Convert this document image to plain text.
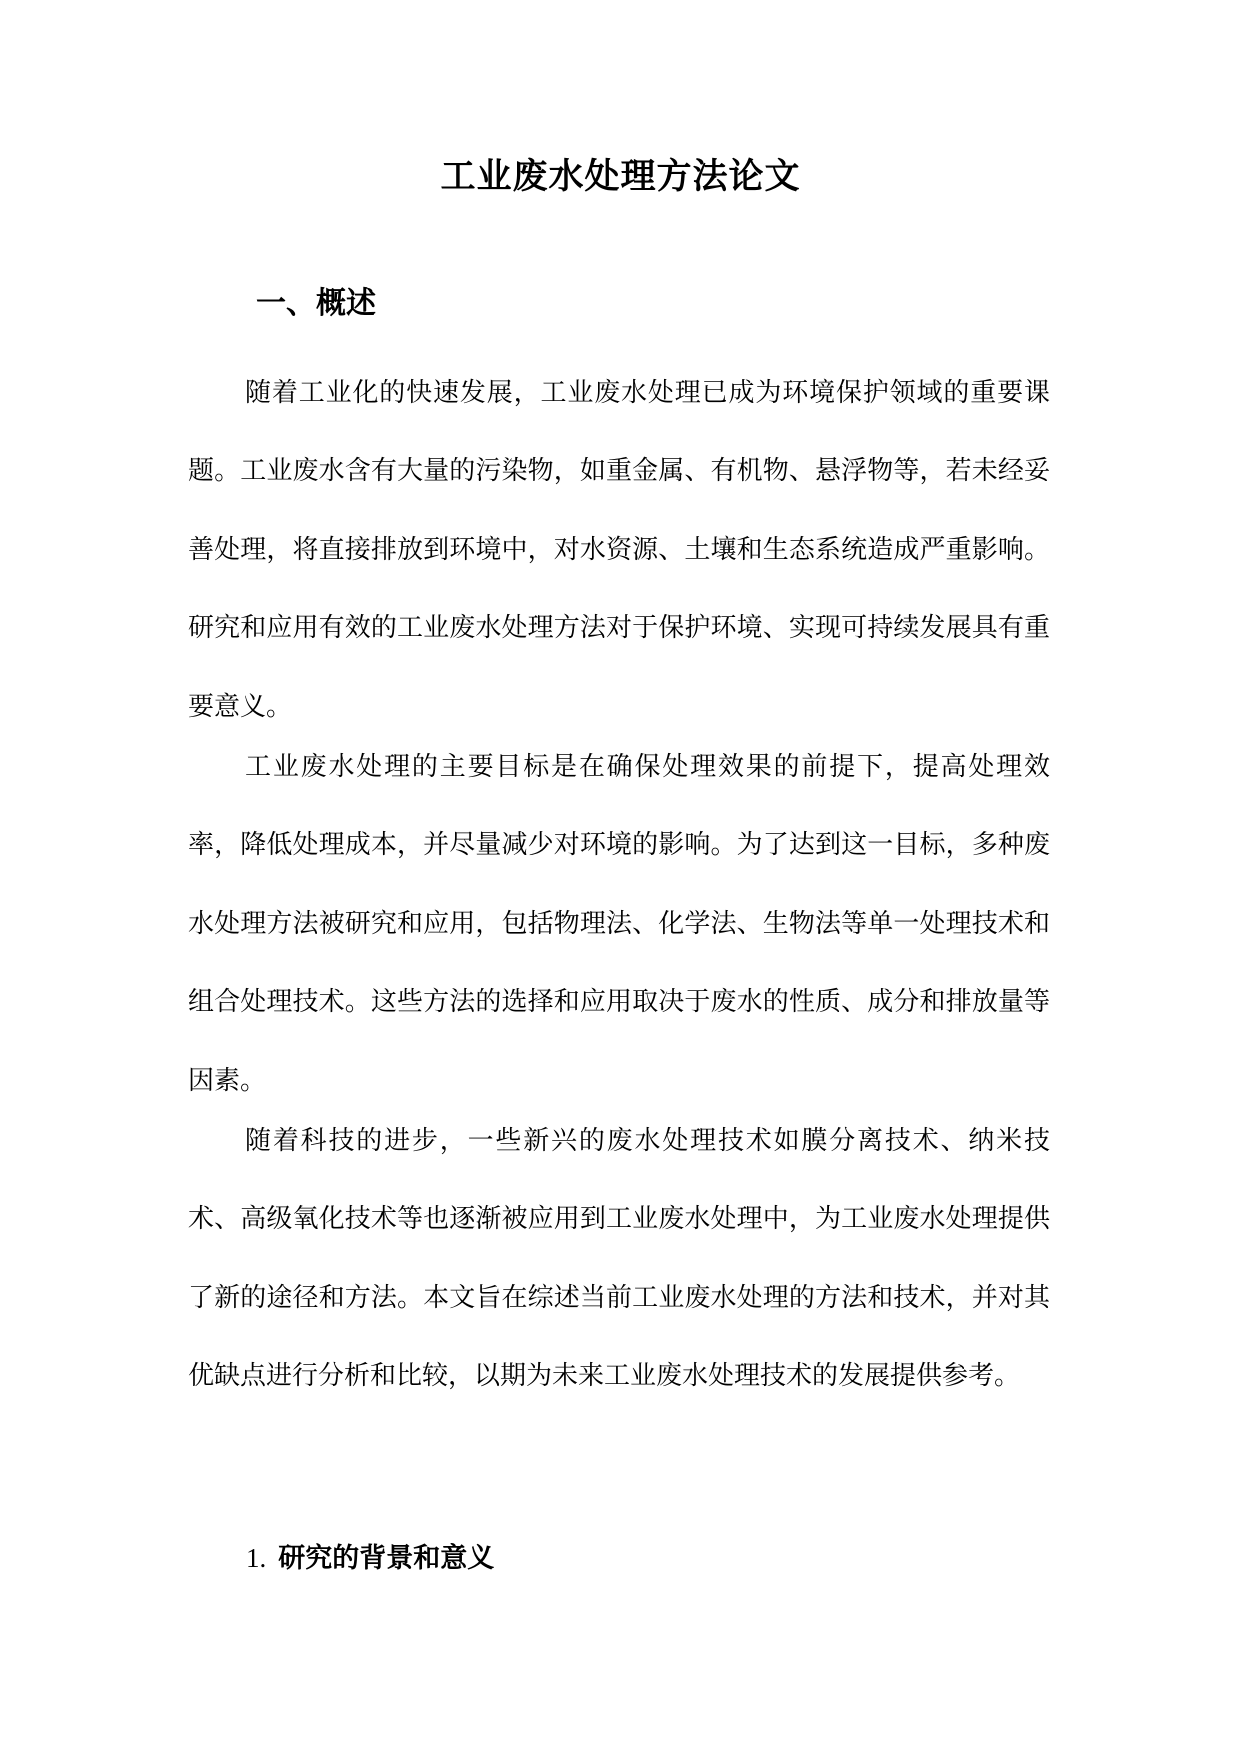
工业废水处理方法论文
一、概述

随着工业化的快速发展，工业废水处理已成为环境保护领域的重要课题。工业废水含有大量的污染物，如重金属、有机物、悬浮物等，若未经妥善处理，将直接排放到环境中，对水资源、土壤和生态系统造成严重影响。研究和应用有效的工业废水处理方法对于保护环境、实现可持续发展具有重要意义。

工业废水处理的主要目标是在确保处理效果的前提下，提高处理效率，降低处理成本，并尽量减少对环境的影响。为了达到这一目标，多种废水处理方法被研究和应用，包括物理法、化学法、生物法等单一处理技术和组合处理技术。这些方法的选择和应用取决于废水的性质、成分和排放量等因素。

随着科技的进步，一些新兴的废水处理技术如膜分离技术、纳米技术、高级氧化技术等也逐渐被应用到工业废水处理中，为工业废水处理提供了新的途径和方法。本文旨在综述当前工业废水处理的方法和技术，并对其优缺点进行分析和比较，以期为未来工业废水处理技术的发展提供参考。

1. 研究的背景和意义
